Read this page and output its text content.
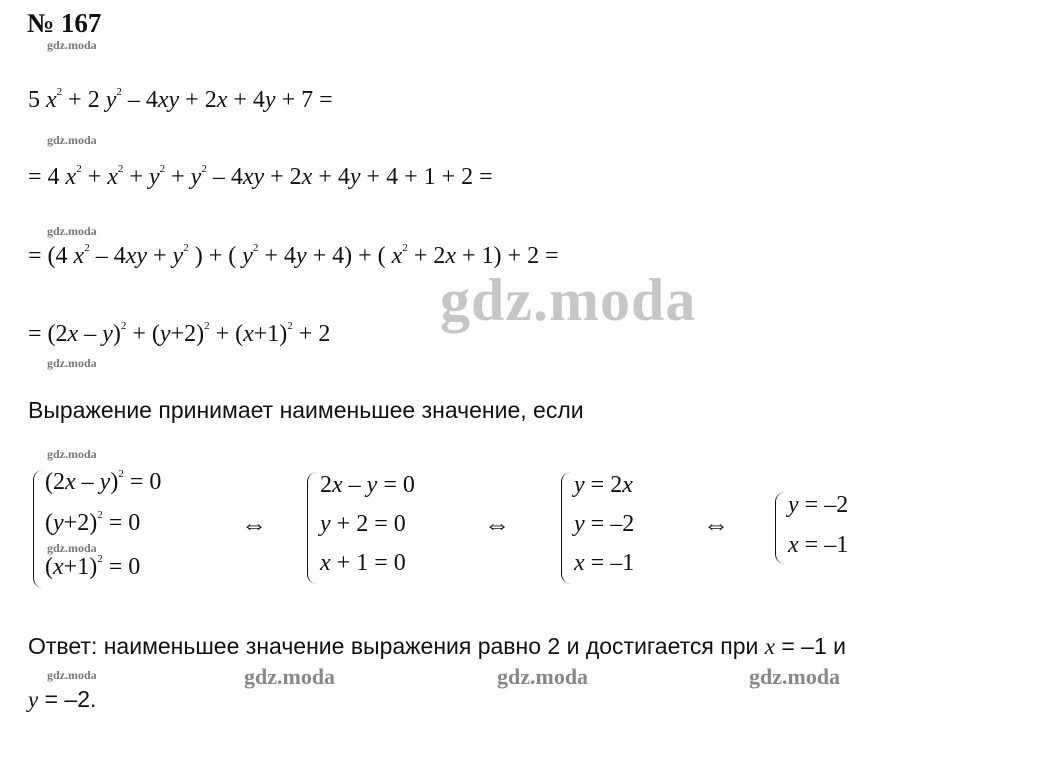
№ 167
gdz.moda
gdz.moda
gdz.moda
gdz.moda
gdz.moda
gdz.moda
gdz.moda
5 $x^2 + 2$ $y^2 - 4xy + 2x + 4y + 7$ =
= 4 $x^2 + x^2 + y^2 + y^2 - 4xy + 2x + 4y + 4 + 1 + 2$ =
= (4 $x^2 - 4xy + y^2$ ) + ( $y^2 + 4y + 4$) + ( $x^2 + 2x + 1) + 2$ =
gdz.moda
= $(2x - y)^2 + (y+2)^2 + (x+1)^2 + 2$
Выражение принимает наименьшее значение, если
(2x – y)$^2$ = 0
$(y+2)^2 = 0$
$(x+1)^2 = 0$
⇔
2x – y = 0
y + 2 = 0
x + 1 = 0
⇔
y = 2x
y = –2
x = –1
⇔
y = –2
x = –1
Ответ: наименьшее значение выражения равно 2 и достигается при x = –1 и
gdz.moda	gdz.moda	gdz.moda
y = –2.
